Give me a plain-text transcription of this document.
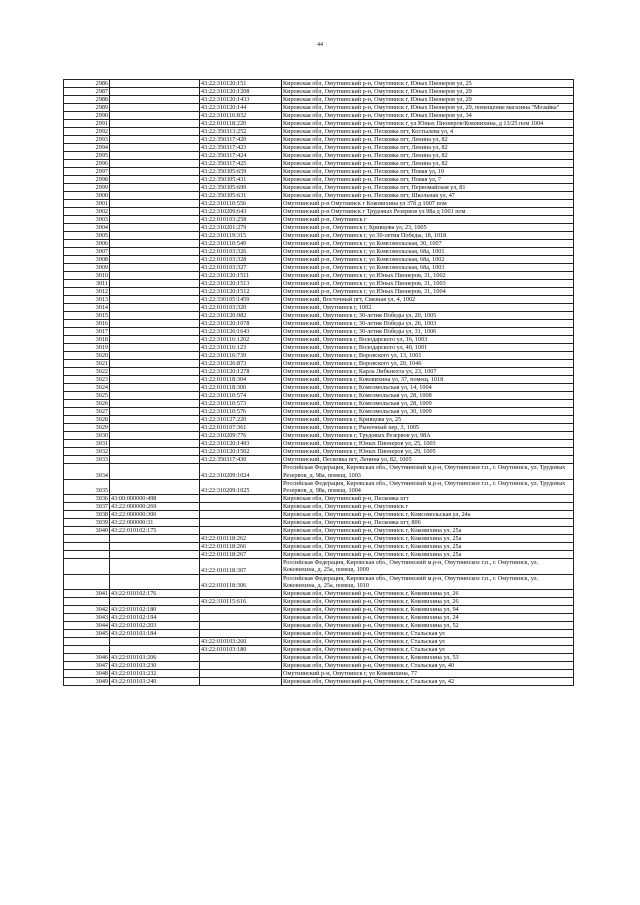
44
2986		43:22:310120:151	Кировская обл, Омутнинский р-н, Омутнинск г, Юных Пионеров ул, 25
2987		43:22:310120:1208	Кировская обл, Омутнинский р-н, Омутнинск г, Юных Пионеров ул, 29
2988		43:22:310120:1433	Кировская обл, Омутнинский р-н, Омутнинск г, Юных Пионеров ул, 29
2989		43:22:310120:144	Кировская обл, Омутнинский р-н, Омутнинск г, Юных Пионеров ул, 29, помещение магазина "Мозайка"
2990		43:22:310116:832	Кировская обл, Омутнинский р-н, Омутнинск г, Юных Пионеров ул, 34
2991		43:22:010118:220	Кировская обл, Омутнинский р-н, Омутнинск г, ул Юных Пионеров/Коковихина, д 13/25 пом 1004
2992		43:22:350313:252	Кировская обл, Омутнинский р-н, Песковка пгт, Костылева ул, 4
2993		43:22:350317:420	Кировская обл, Омутнинский р-н, Песковка пгт, Ленина ул, 82
2994		43:22:350317:423	Кировская обл, Омутнинский р-н, Песковка пгт, Ленина ул, 82
2995		43:22:350317:424	Кировская обл, Омутнинский р-н, Песковка пгт, Ленина ул, 82
2996		43:22:350317:425	Кировская обл, Омутнинский р-н, Песковка пгт, Ленина ул, 82
2997		43:22:350305:659	Кировская обл, Омутнинский р-н, Песковка пгт, Новая ул, 10
2998		43:22:350305:431	Кировская обл, Омутнинский р-н, Песковка пгт, Новая ул, 7
2999		43:22:350305:699	Кировская обл, Омутнинский р-н, Песковка пгт, Первомайская ул, 81
3000		43:22:350305:631	Кировская обл, Омутнинский р-н, Песковка пгт, Школьная ул, 47
3001		43:22:310110:556	Омутнинский р-н Омутнинск г Коковихина ул 37б д 1007 пом
3002		43:22:310209:643	Омутнинский р-н Омутнинск г Трудовых Резервов ул 98а д 1001 пом
3003		43:22:010103:258	Омутнинский р-н, Омутнинск г
3004		43:22:310201:279	Омутнинский р-н, Омутнинск г, Кривцова ул, 23, 1005
3005		43:22:310119:315	Омутнинский р-н, Омутнинск г, ул 30-летия Победы, 18, 1018
3006		43:22:310110:549	Омутнинский р-н, Омутнинск г, ул Комсомольская, 30, 1007
3007		43:22:010103:326	Омутнинский р-н, Омутнинск г, ул Комсомольская, 68а, 1001
3008		43:22:010103:328	Омутнинский р-н, Омутнинск г, ул Комсомольская, 68а, 1002
3009		43:22:010103:327	Омутнинский р-н, Омутнинск г, ул Комсомольская, 68а, 1003
3010		43:22:310120:1511	Омутнинский р-н, Омутнинск г, ул Юных Пионеров, 31, 1002
3011		43:22:310120:1513	Омутнинский р-н, Омутнинск г, ул Юных Пионеров, 31, 1003
3012		43:22:310120:1512	Омутнинский р-н, Омутнинск г, ул Юных Пионеров, 31, 1004
3013		43:22:330105:1459	Омутнинский, Восточный пгт, Связная ул, 4, 1002
3014		43:22:010103:320	Омутнинский, Омутнинск г, 1002
3015		43:22:310120:982	Омутнинский, Омутнинск г, 30-летия Победы ул, 20, 1005
3016		43:22:310120:1078	Омутнинский, Омутнинск г, 30-летия Победы ул, 26, 1003
3017		43:22:310126:1643	Омутнинский, Омутнинск г, 30-летия Победы ул, 31, 1006
3018		43:22:310116:1202	Омутнинский, Омутнинск г, Володарского ул, 16, 1003
3019		43:22:310116:123	Омутнинский, Омутнинск г, Володарского ул, 40, 1001
3020		43:22:310116:739	Омутнинский, Омутнинск г, Воровского ул, 13, 1001
3021		43:22:310126:873	Омутнинский, Омутнинск г, Воровского ул, 20, 1046
3022		43:22:310120:1278	Омутнинский, Омутнинск г, Карла Либкнехта ул, 23, 1007
3023		43:22:010118:304	Омутнинский, Омутнинск г, Коковихина ул, 37, помещ. 1018
3024		43:22:010118:300	Омутнинский, Омутнинск г, Комсомольская ул, 14, 1004
3025		43:22:310110:574	Омутнинский, Омутнинск г, Комсомольская ул, 28, 1008
3026		43:22:310110:573	Омутнинский, Омутнинск г, Комсомольская ул, 28, 1009
3027		43:22:310110:576	Омутнинский, Омутнинск г, Комсомольская ул, 30, 1009
3028		43:22:310127:220	Омутнинский, Омутнинск г, Кривцова ул, 25
3029		43:22:010107:361	Омутнинский, Омутнинск г, Рыночный пер, 3, 1005
3030		43:22:310209:776	Омутнинский, Омутнинск г, Трудовых Резервов ул, 98А
3031		43:22:310120:1493	Омутнинский, Омутнинск г, Юных Пионеров ул, 25, 1003
3032		43:22:310120:1502	Омутнинский, Омутнинск г, Юных Пионеров ул, 29, 1005
3033		43:22:350317:430	Омутнинский, Песковка пгт, Ленина ул, 82, 1005
3034		43:22:310209:1024	Российская Федерация, Кировская обл., Омутнинский м.р-н, Омутнинское г.п., г. Омутнинск, ул. Трудовых Резервов, д. 98а, помещ. 1003
3035		43:22:310209:1025	Российская Федерация, Кировская обл., Омутнинский м.р-н, Омутнинское г.п., г. Омутнинск, ул. Трудовых Резервов, д. 98а, помещ. 1004
3036	43:00:000000:498		Кировская обл, Омутнинский р-н, Песковка пгт
3037	43:22:000000:269		Кировская обл, Омутнинский р-н, Омутнинск г
3038	43:22:000000:300		Кировская обл, Омутнинский р-н, Омутнинск г, Комсомольская ул, 24а
3039	43:22:000000:31		Кировская обл, Омутнинский р-н, Песковка пгт, 806
3040	43:22:010102:175		Кировская обл, Омутнинский р-н, Омутнинск г, Коковихина ул, 25а
		43:22:010118:262	Кировская обл, Омутнинский р-н, Омутнинск г, Коковихина ул, 25а
		43:22:010118:266	Кировская обл, Омутнинский р-н, Омутнинск г, Коковихина ул, 25а
		43:22:010118:267	Кировская обл, Омутнинский р-н, Омутнинск г, Коковихина ул, 25а
		43:22:010118:307	Российская Федерация, Кировская обл., Омутнинский м.р-н, Омутнинское г.п., г. Омутнинск, ул. Коковихина, д. 25а, помещ. 1009
		43:22:010118:306	Российская Федерация, Кировская обл., Омутнинский м.р-н, Омутнинское г.п., г. Омутнинск, ул. Коковихина, д. 25а, помещ. 1010
3041	43:22:010102:176		Кировская обл, Омутнинский р-н, Омутнинск г, Коковихина ул, 26
		43:22:310115:616	Кировская обл, Омутнинский р-н, Омутнинск г, Коковихина ул, 26
3042	43:22:010102:180		Кировская обл, Омутнинский р-н, Омутнинск г, Коковихина ул, 94
3043	43:22:010102:194		Кировская обл, Омутнинский р-н, Омутнинск г, Коковихина ул, 24
3044	43:22:010102:203		Кировская обл, Омутнинский р-н, Омутнинск г, Коковихина ул, 52
3045	43:22:010103:184		Кировская обл, Омутнинский р-н, Омутнинск г, Стальская ул
		43:22:010103:260	Кировская обл, Омутнинский р-н, Омутнинск г, Стальская ул
		43:22:010103:180	Кировская обл, Омутнинский р-н, Омутнинск г, Стальская ул
3046	43:22:010103:206		Кировская обл, Омутнинский р-н, Омутнинск г, Коковихина ул, 53
3047	43:22:010103:230		Кировская обл, Омутнинский р-н, Омутнинск г, Стальская ул, 40
3048	43:22:010103:232		Омутнинский р-н, Омутнинск г, ул Коковихина, 77
3049	43:22:010103:240		Кировская обл, Омутнинский р-н, Омутнинск г, Стальская ул, 42
